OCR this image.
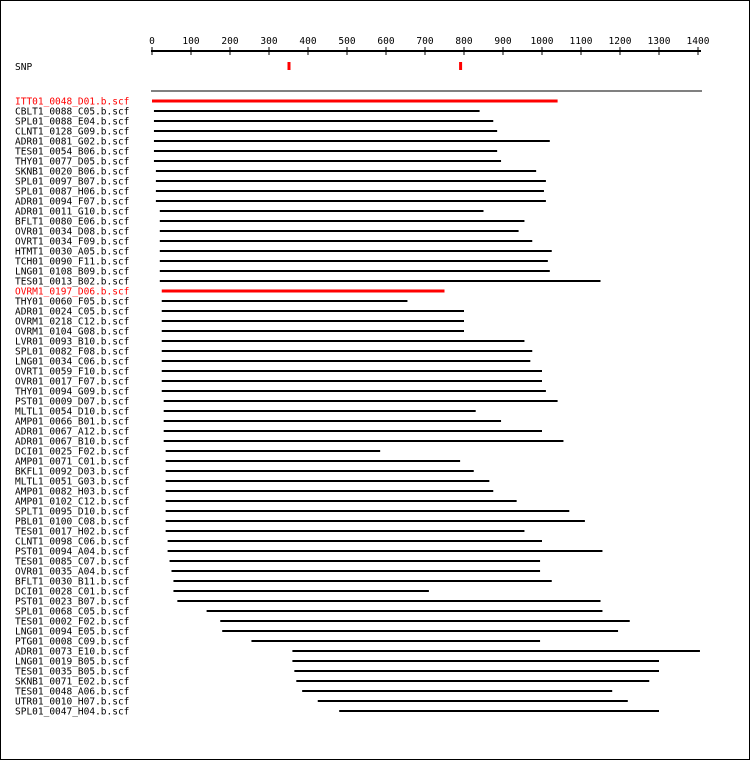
0	100 200 300 400 500 600 700 800 900 1000 1100 1200 1300 1400
SNP
ITT01_0048_D01.b.scf
CBLT1_0088_C05.b.scf
SPL01_0088_E04.b.scf
CLNT1_0128_G09.b.scf
ADR01_0081_G02.b.scf
TES01_0054_B06.b.scf
THY01_0077_D05.b.scf
SKNB1_0020_B06.b.scf
SPL01_0097_B07.b.scf
SPL01_0087_H06.b.scf
ADR01_0094_F07.b.scf
ADR01_0011_G10.b.scf
BFLT1_0080_E06.b.scf
OVR01_0034_D08.b.scf
OVRT1_0034_F09.b.scf
HTMT1_0030_A05.b.scf
TCH01_0090_F11.b.scf
LNG01_0108_B09.b.scf
TES01_0013_B02.b.scf
OVRM1_0197_D06.b.scf
THY01_0060_F05.b.scf
ADR01_0024_C05.b.scf
OVRM1_0218_C12.b.scf
OVRM1_0104_G08.b.scf
LVR01_0093_B10.b.scf
SPL01_0082_F08.b.scf
LNG01_0034_C06.b.scf
OVRT1_0059_F10.b.scf
OVR01_0017_F07.b.scf
THY01_0094_G09.b.scf
PST01_0009_D07.b.scf
MLTL1_0054_D10.b.scf
AMP01_0066_B01.b.scf
ADR01_0067_A12.b.scf
ADR01_0067_B10.b.scf
DCI01_0025_F02.b.scf
AMP01_0071_C01.b.scf
BKFL1_0092_D03.b.scf
MLTL1_0051_G03.b.scf
AMP01_0082_H03.b.scf
AMP01_0102_C12.b.scf
SPLT1_0095_D10.b.scf
PBL01_0100_C08.b.scf
TES01_0017_H02.b.scf
CLNT1_0098_C06.b.scf
PST01_0094_A04.b.scf
TES01_0085_C07.b.scf
OVR01_0035_A04.b.scf
BFLT1_0030_B11.b.scf
DCI01_0028_C01.b.scf
PST01_0023_B07.b.scf
SPL01_0068_C05.b.scf
TES01_0002_F02.b.scf
LNG01_0094_E05.b.scf
PTG01_0008_C09.b.scf
ADR01_0073_E10.b.scf
LNG01_0019_B05.b.scf
TES01_0035_B05.b.scf
SKNB1_0071_E02.b.scf
TES01_0048_A06.b.scf
UTR01_0010_H07.b.scf
SPL01_0047_H04.b.scf
